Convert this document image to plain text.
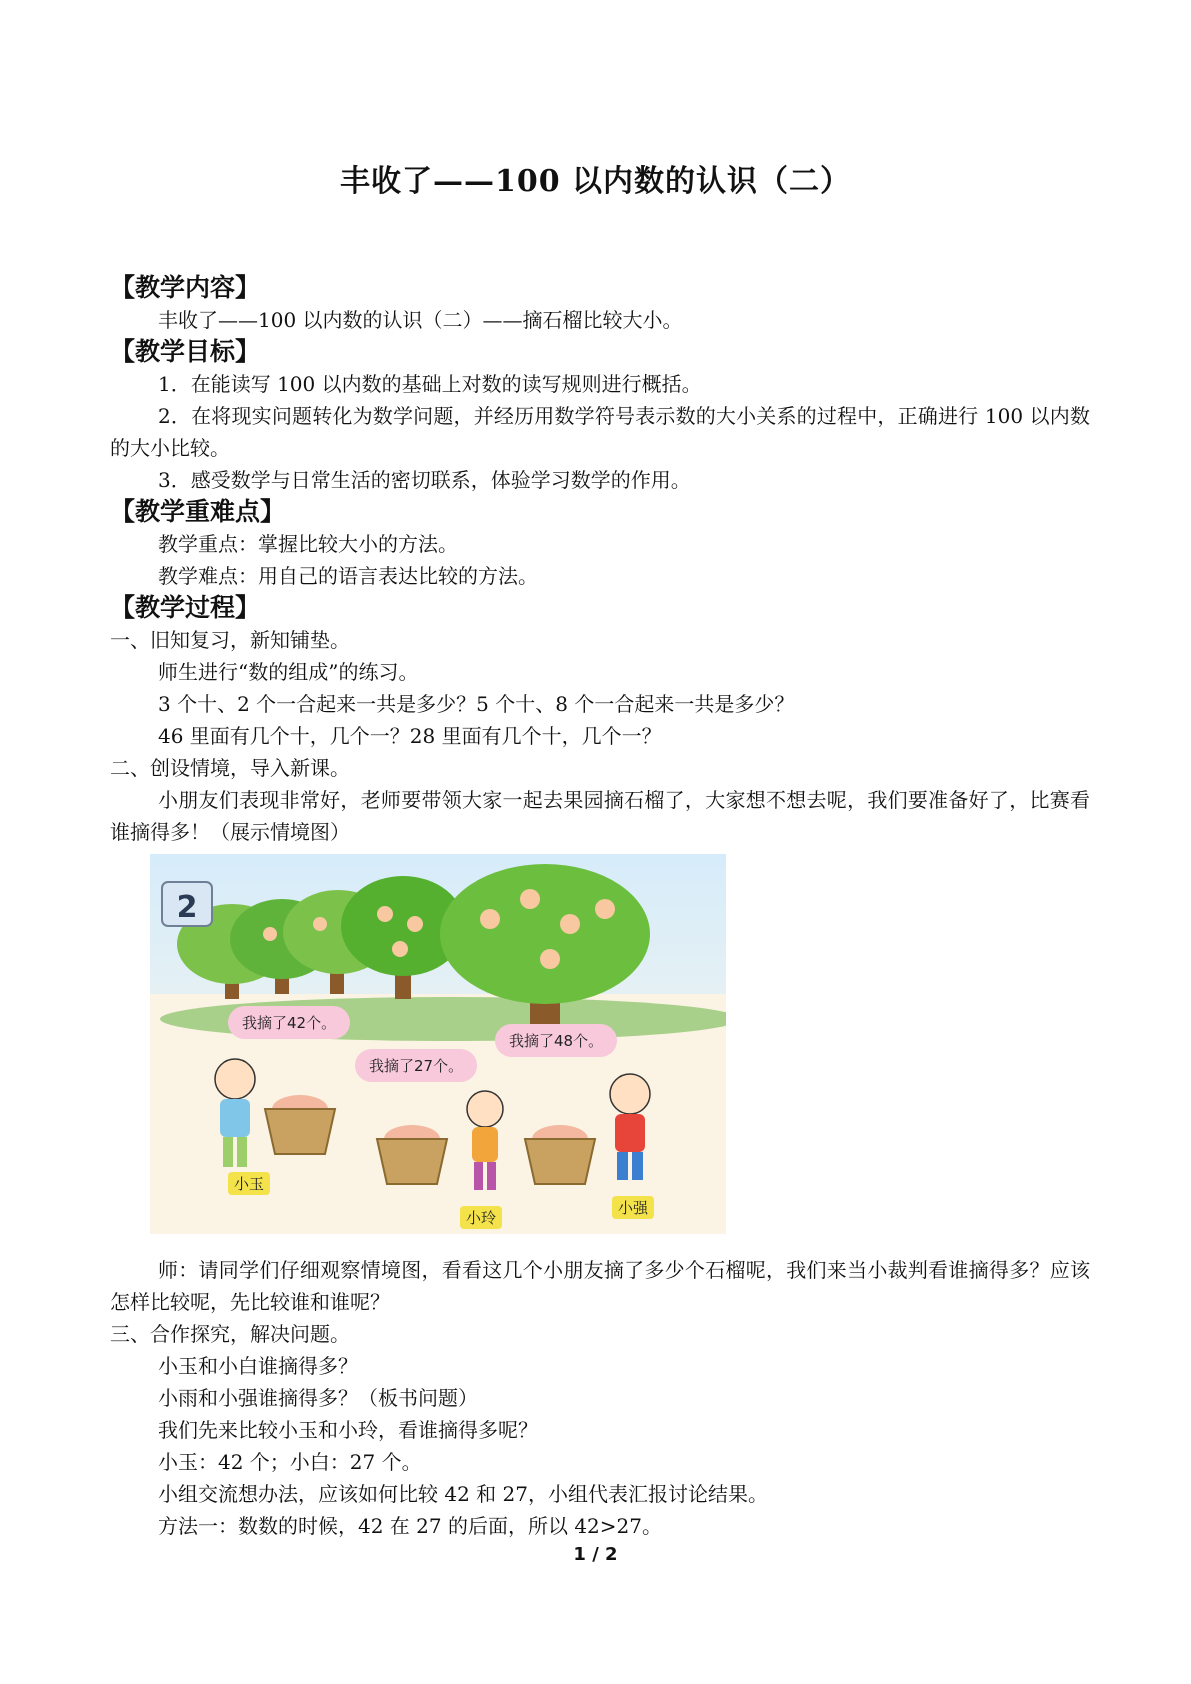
丰收了——100 以内数的认识（二）

【教学内容】

丰收了——100 以内数的认识（二）——摘石榴比较大小。

【教学目标】

1．在能读写 100 以内数的基础上对数的读写规则进行概括。

2．在将现实问题转化为数学问题，并经历用数学符号表示数的大小关系的过程中，正确进行 100 以内数的大小比较。

3．感受数学与日常生活的密切联系，体验学习数学的作用。

【教学重难点】

教学重点：掌握比较大小的方法。

教学难点：用自己的语言表达比较的方法。

【教学过程】

一、旧知复习，新知铺垫。

师生进行“数的组成”的练习。

3 个十、2 个一合起来一共是多少？5 个十、8 个一合起来一共是多少？

46 里面有几个十，几个一？28 里面有几个十，几个一？

二、创设情境，导入新课。

小朋友们表现非常好，老师要带领大家一起去果园摘石榴了，大家想不想去呢，我们要准备好了，比赛看谁摘得多！（展示情境图）

2
我摘了42个。
我摘了27个。
我摘了48个。
小玉
小玲
小强

师：请同学们仔细观察情境图，看看这几个小朋友摘了多少个石榴呢，我们来当小裁判看谁摘得多？应该怎样比较呢，先比较谁和谁呢？

三、合作探究，解决问题。

小玉和小白谁摘得多？

小雨和小强谁摘得多？（板书问题）

我们先来比较小玉和小玲，看谁摘得多呢？

小玉：42 个；小白：27 个。

小组交流想办法，应该如何比较 42 和 27，小组代表汇报讨论结果。

方法一：数数的时候，42 在 27 的后面，所以 42>27。

1 / 2
